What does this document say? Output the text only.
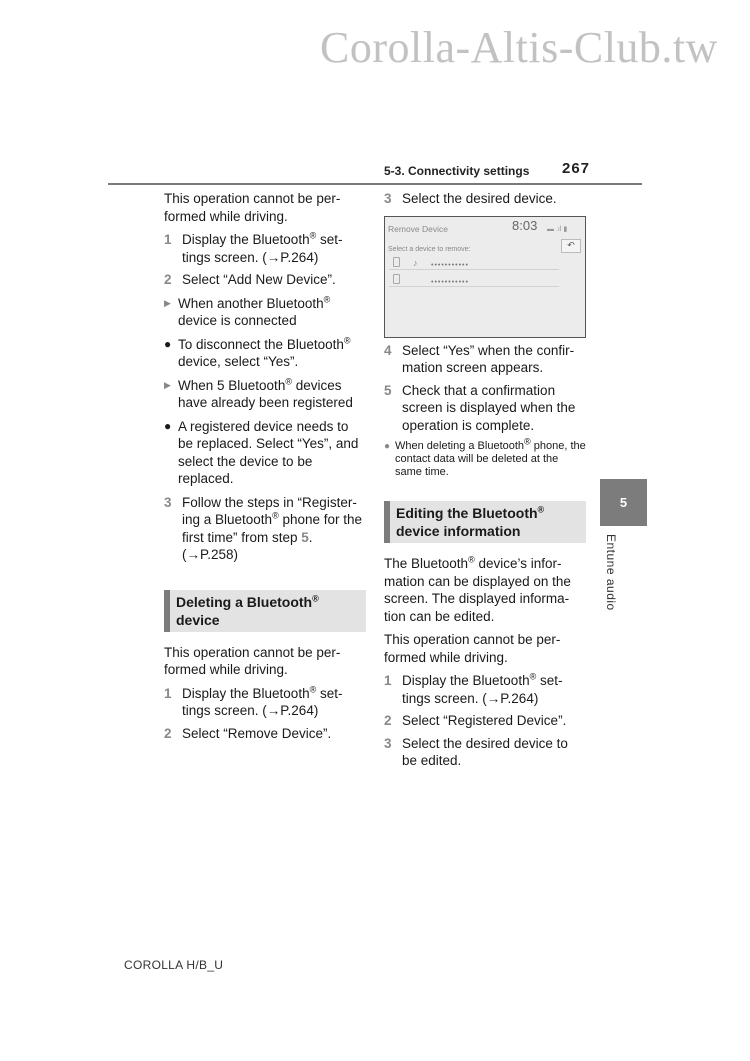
Corolla-Altis-Club.tw
5-3. Connectivity settings 267

This operation cannot be per-formed while driving.

1 Display the Bluetooth® set-tings screen. (→P.264)
2 Select “Add New Device”.
▶ When another Bluetooth® device is connected
● To disconnect the Bluetooth® device, select “Yes”.
▶ When 5 Bluetooth® devices have already been registered
● A registered device needs to be replaced. Select “Yes”, and select the device to be replaced.
3 Follow the steps in “Register-ing a Bluetooth® phone for the first time” from step 5. (→P.258)
Deleting a Bluetooth® device

This operation cannot be per-formed while driving.

1 Display the Bluetooth® set-tings screen. (→P.264)
2 Select “Remove Device”.
3 Select the desired device.
Remove Device	8:03 ▬ .ıl ▮
Select a device to remove:	↶
♪ •••••••••••
•••••••••••
4 Select “Yes” when the confir-mation screen appears.
5 Check that a confirmation screen is displayed when the operation is complete.
● When deleting a Bluetooth® phone, the contact data will be deleted at the same time.
Editing the Bluetooth® device information

The Bluetooth® device’s infor-mation can be displayed on the screen. The displayed informa-tion can be edited.

This operation cannot be per-formed while driving.

1 Display the Bluetooth® set-tings screen. (→P.264)
2 Select “Registered Device”.
3 Select the desired device to be edited.
5
Entune audio
COROLLA H/B_U
